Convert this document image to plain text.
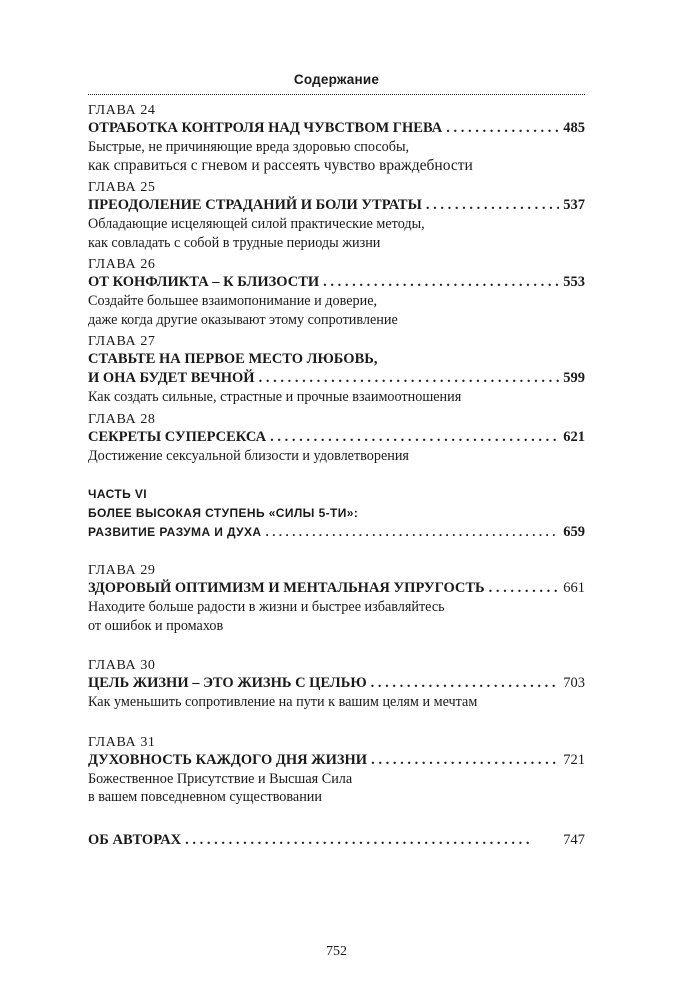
Содержание
ГЛАВА 24
ОТРАБОТКА КОНТРОЛЯ НАД ЧУВСТВОМ ГНЕВА . . .	485
Быстрые, не причиняющие вреда здоровью способы,
как справиться с гневом и рассеять чувство враждебности
ГЛАВА 25
ПРЕОДОЛЕНИЕ СТРАДАНИЙ И БОЛИ УТРАТЫ . . .	537
Обладающие исцеляющей силой практические методы,
как совладать с собой в трудные периоды жизни
ГЛАВА 26
ОТ КОНФЛИКТА – К БЛИЗОСТИ . . .	553
Создайте большее взаимопонимание и доверие,
даже когда другие оказывают этому сопротивление
ГЛАВА 27
СТАВЬТЕ НА ПЕРВОЕ МЕСТО ЛЮБОВЬ,
И ОНА БУДЕТ ВЕЧНОЙ . . .	599
Как создать сильные, страстные и прочные взаимоотношения
ГЛАВА 28
СЕКРЕТЫ СУПЕРСЕКСА . . .	621
Достижение сексуальной близости и удовлетворения
ЧАСТЬ VI
БОЛЕЕ ВЫСОКАЯ СТУПЕНЬ «СИЛЫ 5-ТИ»:
РАЗВИТИЕ РАЗУМА И ДУХА . . .	659
ГЛАВА 29
ЗДОРОВЫЙ ОПТИМИЗМ И МЕНТАЛЬНАЯ УПРУГОСТЬ . . .	661
Находите больше радости в жизни и быстрее избавляйтесь
от ошибок и промахов
ГЛАВА 30
ЦЕЛЬ ЖИЗНИ – ЭТО ЖИЗНЬ С ЦЕЛЬЮ . . .	703
Как уменьшить сопротивление на пути к вашим целям и мечтам
ГЛАВА 31
ДУХОВНОСТЬ КАЖДОГО ДНЯ ЖИЗНИ . . .	721
Божественное Присутствие и Высшая Сила
в вашем повседневном существовании
ОБ АВТОРАХ . . .	747
752
